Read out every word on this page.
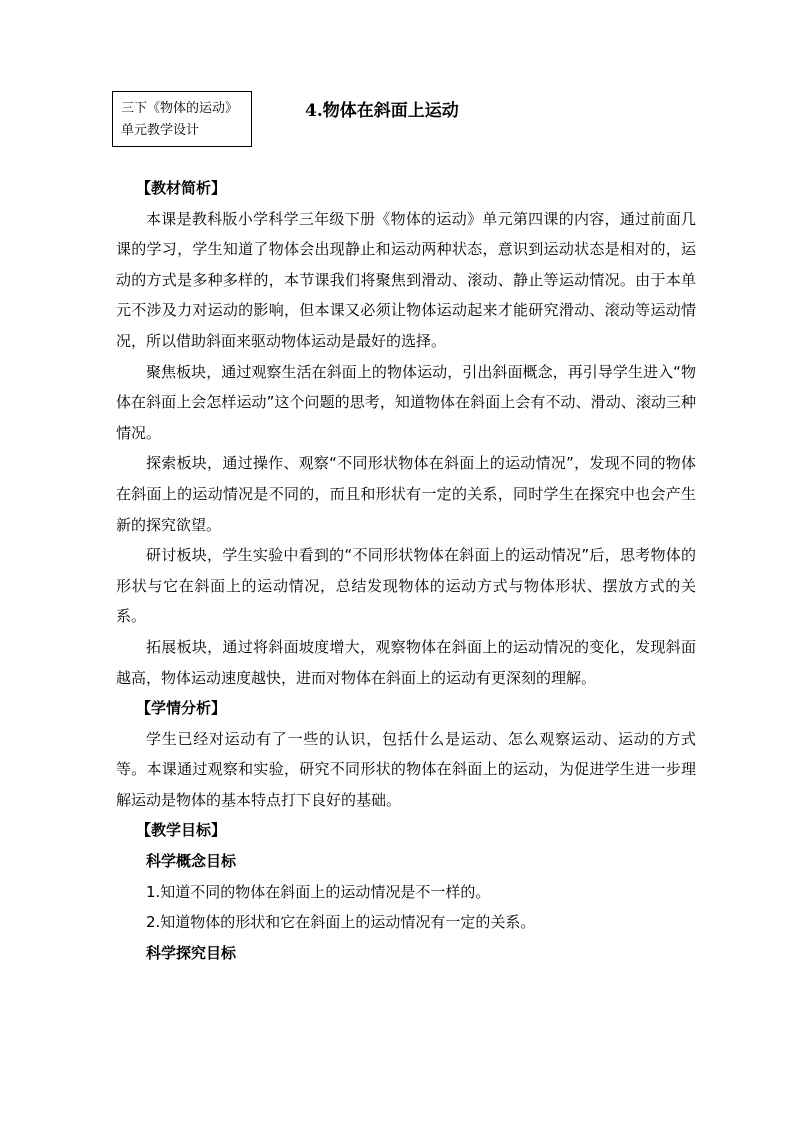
三下《物体的运动》
单元教学设计
4.物体在斜面上运动

【教材简析】

本课是教科版小学科学三年级下册《物体的运动》单元第四课的内容，通过前面几课的学习，学生知道了物体会出现静止和运动两种状态，意识到运动状态是相对的，运动的方式是多种多样的，本节课我们将聚焦到滑动、滚动、静止等运动情况。由于本单元不涉及力对运动的影响，但本课又必须让物体运动起来才能研究滑动、滚动等运动情况，所以借助斜面来驱动物体运动是最好的选择。

聚焦板块，通过观察生活在斜面上的物体运动，引出斜面概念，再引导学生进入“物体在斜面上会怎样运动”这个问题的思考，知道物体在斜面上会有不动、滑动、滚动三种情况。

探索板块，通过操作、观察“不同形状物体在斜面上的运动情况”，发现不同的物体在斜面上的运动情况是不同的，而且和形状有一定的关系，同时学生在探究中也会产生新的探究欲望。

研讨板块，学生实验中看到的“不同形状物体在斜面上的运动情况”后，思考物体的形状与它在斜面上的运动情况，总结发现物体的运动方式与物体形状、摆放方式的关系。

拓展板块，通过将斜面坡度增大，观察物体在斜面上的运动情况的变化，发现斜面越高，物体运动速度越快，进而对物体在斜面上的运动有更深刻的理解。

【学情分析】

学生已经对运动有了一些的认识，包括什么是运动、怎么观察运动、运动的方式等。本课通过观察和实验，研究不同形状的物体在斜面上的运动，为促进学生进一步理解运动是物体的基本特点打下良好的基础。

【教学目标】

科学概念目标

1.知道不同的物体在斜面上的运动情况是不一样的。

2.知道物体的形状和它在斜面上的运动情况有一定的关系。

科学探究目标
